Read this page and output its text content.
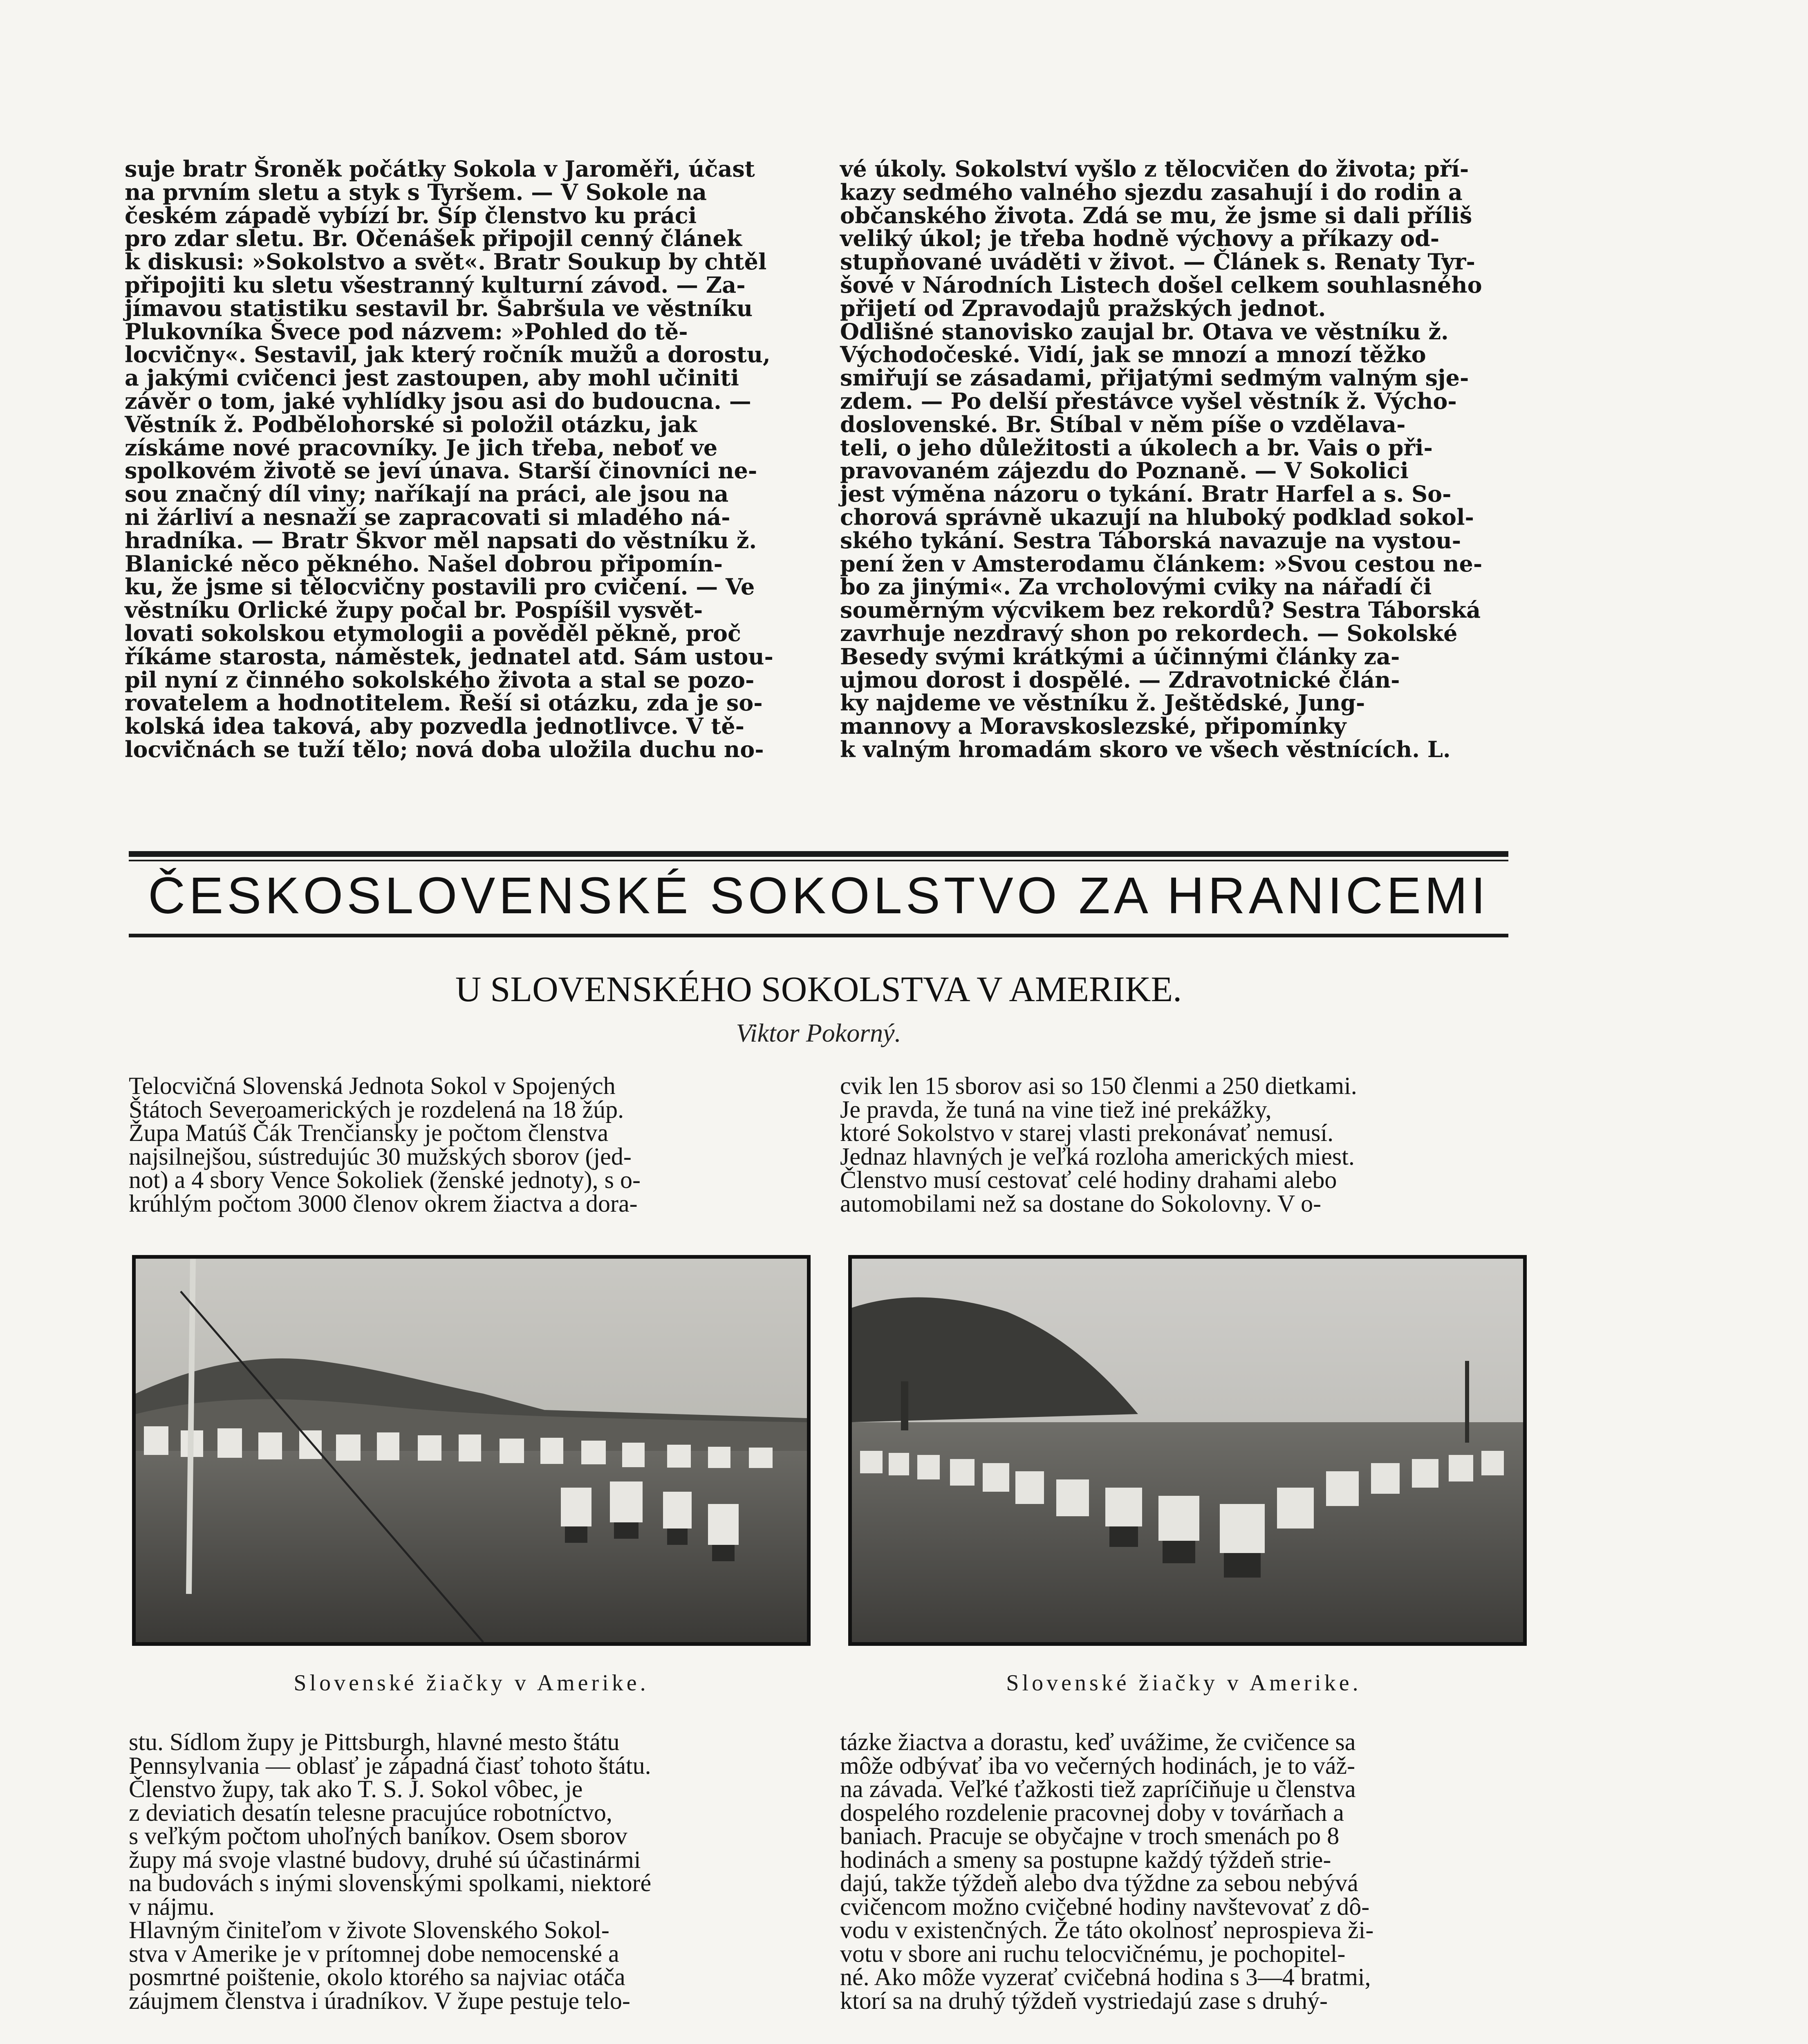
suje bratr Šroněk počátky Sokola v Jaroměři, účast
na prvním sletu a styk s Tyršem. — V Sokole na
českém západě vybízí br. Šíp členstvo ku práci
pro zdar sletu. Br. Očenášek připojil cenný článek
k diskusi: »Sokolstvo a svět«. Bratr Soukup by chtěl
připojiti ku sletu všestranný kulturní závod. — Za-
jímavou statistiku sestavil br. Šabršula ve věstníku
Plukovníka Švece pod názvem: »Pohled do tě-
locvičny«. Sestavil, jak který ročník mužů a dorostu,
a jakými cvičenci jest zastoupen, aby mohl učiniti
závěr o tom, jaké vyhlídky jsou asi do budoucna. —
Věstník ž. Podbělohorské si položil otázku, jak
získáme nové pracovníky. Je jich třeba, neboť ve
spolkovém životě se jeví únava. Starší činovníci ne-
sou značný díl viny; naříkají na práci, ale jsou na
ni žárliví a nesnaží se zapracovati si mladého ná-
hradníka. — Bratr Škvor měl napsati do věstníku ž.
Blanické něco pěkného. Našel dobrou připomín-
ku, že jsme si tělocvičny postavili pro cvičení. — Ve
věstníku Orlické župy počal br. Pospíšil vysvět-
lovati sokolskou etymologii a pověděl pěkně, proč
říkáme starosta, náměstek, jednatel atd. Sám ustou-
pil nyní z činného sokolského života a stal se pozo-
rovatelem a hodnotitelem. Řeší si otázku, zda je so-
kolská idea taková, aby pozvedla jednotlivce. V tě-
locvičnách se tuží tělo; nová doba uložila duchu no-

vé úkoly. Sokolství vyšlo z tělocvičen do života; pří-
kazy sedmého valného sjezdu zasahují i do rodin a
občanského života. Zdá se mu, že jsme si dali příliš
veliký úkol; je třeba hodně výchovy a příkazy od-
stupňované uváděti v život. — Článek s. Renaty Tyr-
šové v Národních Listech došel celkem souhlasného
přijetí od Zpravodajů pražských jednot.
Odlišné stanovisko zaujal br. Otava ve věstníku ž.
Východočeské. Vidí, jak se mnozí a mnozí těžko
smiřují se zásadami, přijatými sedmým valným sje-
zdem. — Po delší přestávce vyšel věstník ž. Výcho-
doslovenské. Br. Stíbal v něm píše o vzdělava-
teli, o jeho důležitosti a úkolech a br. Vais o při-
pravovaném zájezdu do Poznaně. — V Sokolici
jest výměna názoru o tykání. Bratr Harfel a s. So-
chorová správně ukazují na hluboký podklad sokol-
ského tykání. Sestra Táborská navazuje na vystou-
pení žen v Amsterodamu článkem: »Svou cestou ne-
bo za jinými«. Za vrcholovými cviky na nářadí či
souměrným výcvikem bez rekordů? Sestra Táborská
zavrhuje nezdravý shon po rekordech. — Sokolské
Besedy svými krátkými a účinnými články za-
ujmou dorost i dospělé. — Zdravotnické člán-
ky najdeme ve věstníku ž. Ještědské, Jung-
mannovy a Moravskoslezské, připomínky
k valným hromadám skoro ve všech věstnících. L.

ČESKOSLOVENSKÉ SOKOLSTVO ZA HRANICEMI
U SLOVENSKÉHO SOKOLSTVA V AMERIKE.
Viktor Pokorný.

Telocvičná Slovenská Jednota Sokol v Spojených
Štátoch Severoamerických je rozdelená na 18 žúp.
Župa Matúš Čák Trenčiansky je počtom členstva
najsilnejšou, sústredujúc 30 mužských sborov (jed-
not) a 4 sbory Vence Sokoliek (ženské jednoty), s o-
krúhlým počtom 3000 členov okrem žiactva a dora-

cvik len 15 sborov asi so 150 členmi a 250 dietkami.
Je pravda, že tuná na vine tiež iné prekážky,
ktoré Sokolstvo v starej vlasti prekonávať nemusí.
Jednaz hlavných je veľká rozloha amerických miest.
Členstvo musí cestovať celé hodiny drahami alebo
automobilami než sa dostane do Sokolovny. V o-

Slovenské žiačky v Amerike.	Slovenské žiačky v Amerike.

stu. Sídlom župy je Pittsburgh, hlavné mesto štátu
Pennsylvania — oblasť je západná čiasť tohoto štátu.
Členstvo župy, tak ako T. S. J. Sokol vôbec, je
z deviatich desatín telesne pracujúce robotníctvo,
s veľkým počtom uhoľných baníkov. Osem sborov
župy má svoje vlastné budovy, druhé sú účastinármi
na budovách s inými slovenskými spolkami, niektoré
v nájmu.
Hlavným činiteľom v živote Slovenského Sokol-
stva v Amerike je v prítomnej dobe nemocenské a
posmrtné poištenie, okolo ktorého sa najviac otáča
záujmem členstva i úradníkov. V župe pestuje telo-

tázke žiactva a dorastu, keď uvážime, že cvičence sa
môže odbývať iba vo večerných hodinách, je to váž-
na závada. Veľké ťažkosti tiež zapríčiňuje u členstva
dospelého rozdelenie pracovnej doby v továrňach a
baniach. Pracuje se obyčajne v troch smenách po 8
hodinách a smeny sa postupne každý týždeň strie-
dajú, takže týždeň alebo dva týždne za sebou nebývá
cvičencom možno cvičebné hodiny navštevovať z dô-
vodu v existenčných. Že táto okolnosť neprospieva ži-
votu v sbore ani ruchu telocvičnému, je pochopitel-
né. Ako môže vyzerať cvičebná hodina s 3—4 bratmi,
ktorí sa na druhý týždeň vystriedajú zase s druhý-
